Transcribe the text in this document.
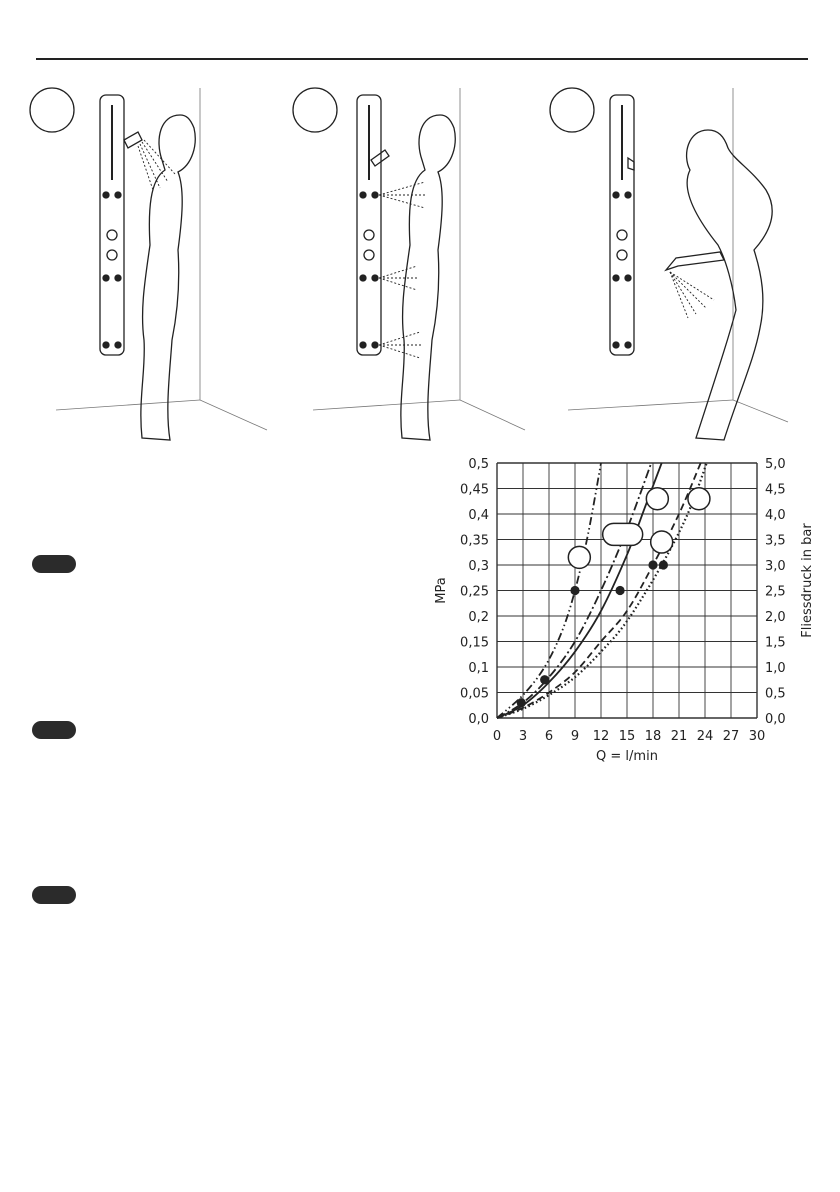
0,0
0,05
0,1
0,15
0,2
0,25
0,3
0,35
0,4
0,45
0,5
0,0
0,5
1,0
1,5
2,0
2,5
3,0
3,5
4,0
4,5
5,0
0 3 6 9 12 15 18 21 24 27 30
Q = l/min
MPa	Fliessdruck in bar
